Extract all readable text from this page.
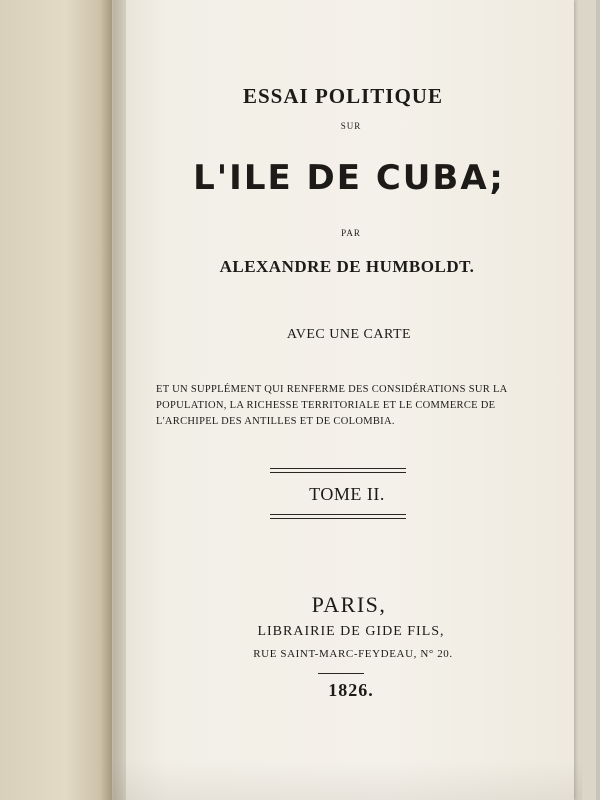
ESSAI POLITIQUE
SUR
L'ILE DE CUBA;
PAR
ALEXANDRE DE HUMBOLDT.
AVEC UNE CARTE
ET UN SUPPLÉMENT QUI RENFERME DES CONSIDÉRATIONS SUR LA
POPULATION, LA RICHESSE TERRITORIALE ET LE COMMERCE DE
L'ARCHIPEL DES ANTILLES ET DE COLOMBIA.
TOME II.
PARIS,
LIBRAIRIE DE GIDE FILS,
RUE SAINT-MARC-FEYDEAU, N° 20.
1826.
